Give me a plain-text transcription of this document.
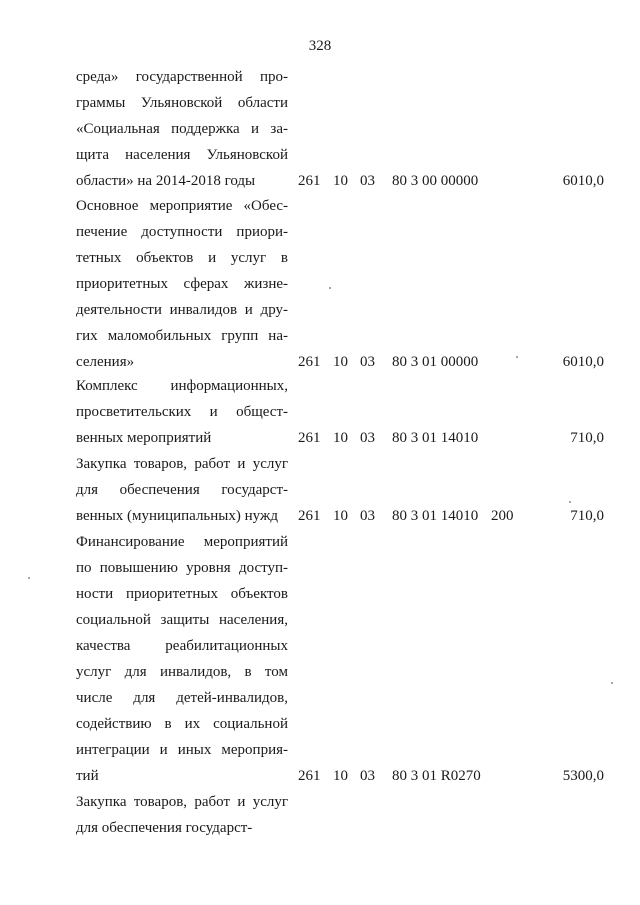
328
среда» государственной про-
граммы Ульяновской области
«Социальная поддержка и за-
щита населения Ульяновской
области» на 2014-2018 годы	261 10 03 80 3 00 00000	6010,0
Основное мероприятие «Обес-
печение доступности приори-
тетных объектов и услуг в
приоритетных сферах жизне-
деятельности инвалидов и дру-
гих маломобильных групп на-
селения»	261 10 03 80 3 01 00000	6010,0
Комплекс информационных,
просветительских и общест-
венных мероприятий	261 10 03 80 3 01 14010	710,0
Закупка товаров, работ и услуг
для обеспечения государст-
венных (муниципальных) нужд	261 10 03 80 3 01 14010 200	710,0
Финансирование мероприятий
по повышению уровня доступ-
ности приоритетных объектов
социальной защиты населения,
качества реабилитационных
услуг для инвалидов, в том
числе для детей-инвалидов,
содействию в их социальной
интеграции и иных мероприя-
тий	261 10 03 80 3 01 R0270	5300,0
Закупка товаров, работ и услуг
для обеспечения государст-
